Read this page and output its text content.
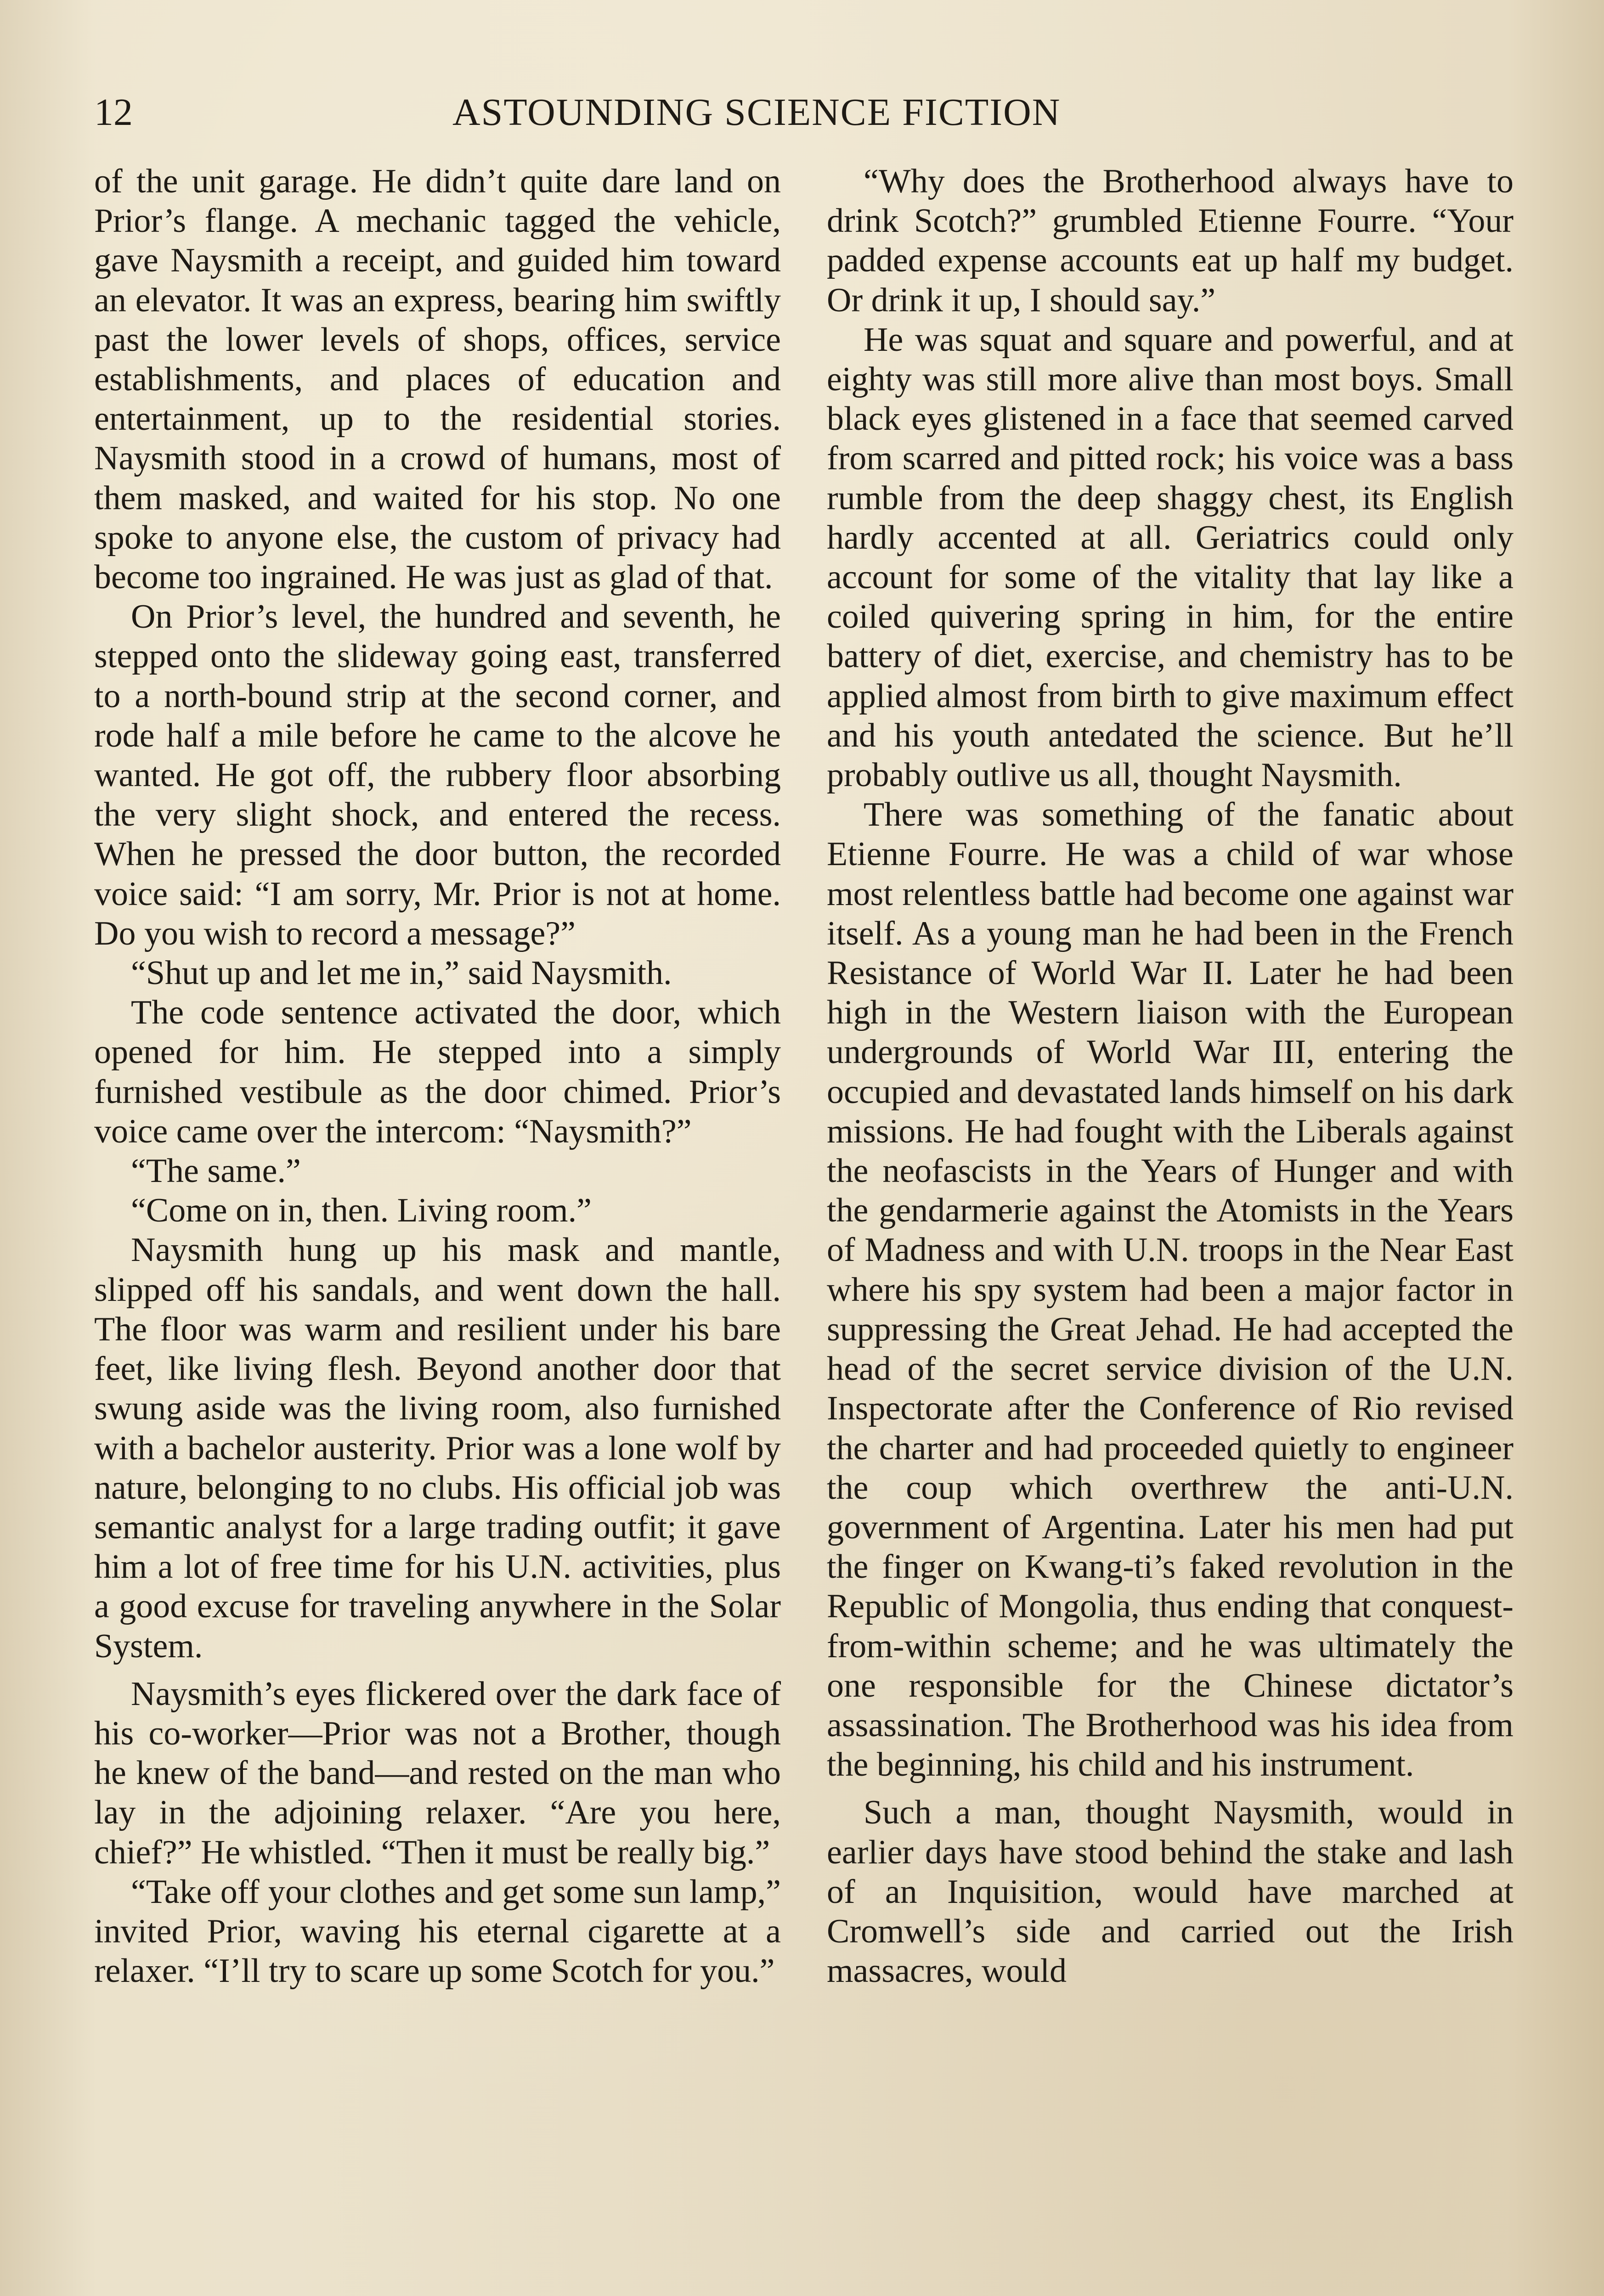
12	ASTOUNDING SCIENCE FICTION

of the unit garage. He didn’t quite dare land on Prior’s flange. A mechanic tagged the vehicle, gave Naysmith a receipt, and guided him toward an elevator. It was an express, bearing him swiftly past the lower levels of shops, offices, service establishments, and places of education and entertainment, up to the residential stories. Naysmith stood in a crowd of humans, most of them masked, and waited for his stop. No one spoke to anyone else, the custom of privacy had become too ingrained. He was just as glad of that.

On Prior’s level, the hundred and seventh, he stepped onto the slideway going east, transferred to a north-bound strip at the second corner, and rode half a mile before he came to the alcove he wanted. He got off, the rubbery floor absorbing the very slight shock, and entered the recess. When he pressed the door button, the recorded voice said: “I am sorry, Mr. Prior is not at home. Do you wish to record a message?”

“Shut up and let me in,” said Naysmith.

The code sentence activated the door, which opened for him. He stepped into a simply furnished vestibule as the door chimed. Prior’s voice came over the intercom: “Naysmith?”

“The same.”

“Come on in, then. Living room.”

Naysmith hung up his mask and mantle, slipped off his sandals, and went down the hall. The floor was warm and resilient under his bare feet, like living flesh. Beyond another door that swung aside was the living room, also furnished with a bachelor austerity. Prior was a lone wolf by nature, belonging to no clubs. His official job was semantic analyst for a large trading outfit; it gave him a lot of free time for his U.N. activities, plus a good excuse for traveling anywhere in the Solar System.

Naysmith’s eyes flickered over the dark face of his co-worker—Prior was not a Brother, though he knew of the band—and rested on the man who lay in the adjoining relaxer. “Are you here, chief?” He whistled. “Then it must be really big.”

“Take off your clothes and get some sun lamp,” invited Prior, waving his eternal cigarette at a relaxer. “I’ll try to scare up some Scotch for you.”

“Why does the Brotherhood always have to drink Scotch?” grumbled Etienne Fourre. “Your padded expense accounts eat up half my budget. Or drink it up, I should say.”

He was squat and square and powerful, and at eighty was still more alive than most boys. Small black eyes glistened in a face that seemed carved from scarred and pitted rock; his voice was a bass rumble from the deep shaggy chest, its English hardly accented at all. Geriatrics could only account for some of the vitality that lay like a coiled quivering spring in him, for the entire battery of diet, exercise, and chemistry has to be applied almost from birth to give maximum effect and his youth antedated the science. But he’ll probably outlive us all, thought Naysmith.

There was something of the fanatic about Etienne Fourre. He was a child of war whose most relentless battle had become one against war itself. As a young man he had been in the French Resistance of World War II. Later he had been high in the Western liaison with the European undergrounds of World War III, entering the occupied and devastated lands himself on his dark missions. He had fought with the Liberals against the neofascists in the Years of Hunger and with the gendarmerie against the Atomists in the Years of Madness and with U.N. troops in the Near East where his spy system had been a major factor in suppressing the Great Jehad. He had accepted the head of the secret service division of the U.N. Inspectorate after the Conference of Rio revised the charter and had proceeded quietly to engineer the coup which overthrew the anti-U.N. government of Argentina. Later his men had put the finger on Kwang-ti’s faked revolution in the Republic of Mongolia, thus ending that conquest-from-within scheme; and he was ultimately the one responsible for the Chinese dictator’s assassination. The Brotherhood was his idea from the beginning, his child and his instrument.

Such a man, thought Naysmith, would in earlier days have stood behind the stake and lash of an Inquisition, would have marched at Cromwell’s side and carried out the Irish massacres, would
